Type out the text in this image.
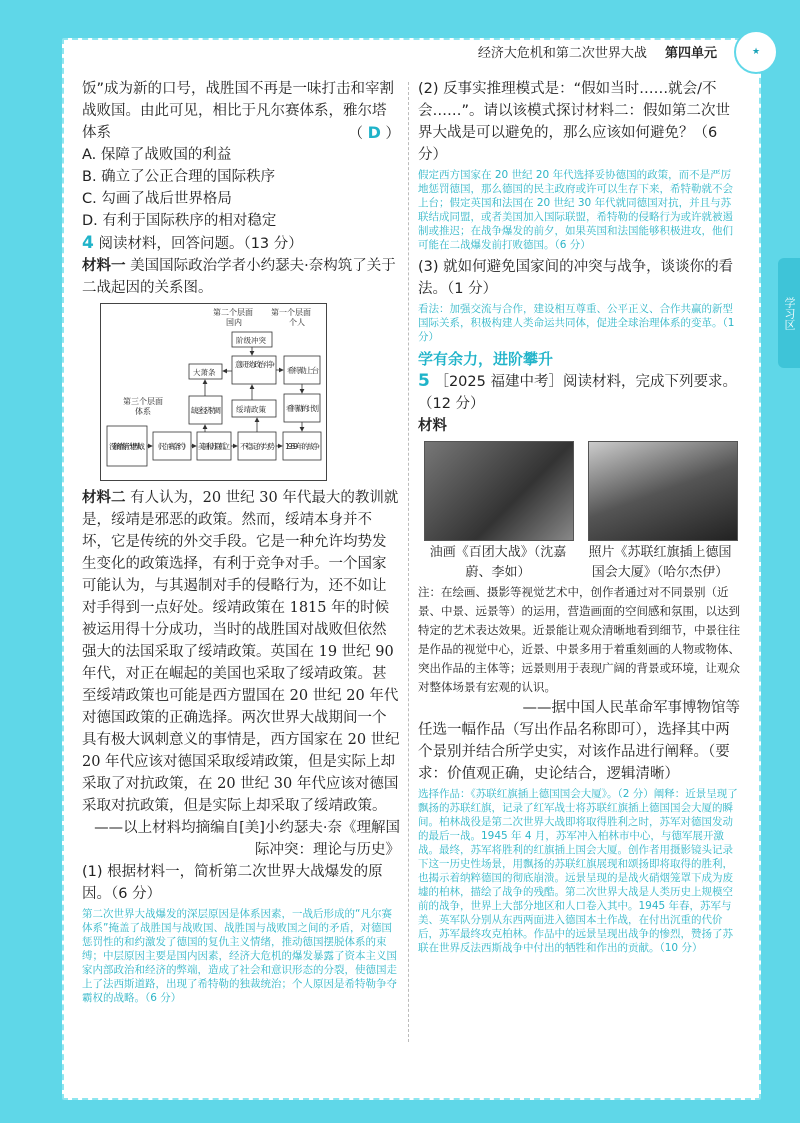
经济大危机和第二次世界大战 第四单元	★
学习区

饭”成为新的口号，战胜国不再是一味打击和宰割战败国。由此可见，相比于凡尔赛体系，雅尔塔体系	（ D ）

A. 保障了战败国的利益

B. 确立了公正合理的国际秩序

C. 勾画了战后世界格局

D. 有利于国际秩序的相对稳定

4 阅读材料，回答问题。（13 分）

材料一 美国国际政治学者小约瑟夫·奈构筑了关于二战起因的关系图。

第二个层面
国内
第一个层面
个人
第三个层面
体系
阶级冲突
大萧条
意识形态政治斗争
希特勒上台
缺乏经济协调 绥靖政策	希特勒的计划
没有终结的第一次世界大战 《凡尔赛条约》 美国和苏联孤立 不稳定的均势 1939年的战争

材料二 有人认为，20 世纪 30 年代最大的教训就是，绥靖是邪恶的政策。然而，绥靖本身并不坏，它是传统的外交手段。它是一种允许均势发生变化的政策选择，有利于竞争对手。一个国家可能认为，与其遏制对手的侵略行为，还不如让对手得到一点好处。绥靖政策在 1815 年的时候被运用得十分成功，当时的战胜国对战败但依然强大的法国采取了绥靖政策。英国在 19 世纪 90 年代，对正在崛起的美国也采取了绥靖政策。甚至绥靖政策也可能是西方盟国在 20 世纪 20 年代对德国政策的正确选择。两次世界大战期间一个具有极大讽刺意义的事情是，西方国家在 20 世纪 20 年代应该对德国采取绥靖政策，但是实际上却采取了对抗政策，在 20 世纪 30 年代应该对德国采取对抗政策，但是实际上却采取了绥靖政策。

——以上材料均摘编自[美]小约瑟夫·奈《理解国际冲突：理论与历史》

(1) 根据材料一，简析第二次世界大战爆发的原因。（6 分）

第二次世界大战爆发的深层原因是体系因素，一战后形成的“凡尔赛体系”掩盖了战胜国与战败国、战胜国与战败国之间的矛盾，对德国惩罚性的和约激发了德国的复仇主义情绪，推动德国摆脱体系的束缚；中层原因主要是国内因素，经济大危机的爆发暴露了资本主义国家内部政治和经济的弊端，造成了社会和意识形态的分裂，使德国走上了法西斯道路，出现了希特勒的独裁统治；个人原因是希特勒争夺霸权的战略。（6 分）

(2) 反事实推理模式是：“假如当时……就会/不会……”。请以该模式探讨材料二：假如第二次世界大战是可以避免的，那么应该如何避免？（6 分）

假定西方国家在 20 世纪 20 年代选择妥协德国的政策，而不是严厉地惩罚德国，那么德国的民主政府或许可以生存下来，希特勒就不会上台；假定英国和法国在 20 世纪 30 年代就同德国对抗，并且与苏联结成同盟，或者美国加入国际联盟，希特勒的侵略行为或许就被遏制或推迟；在战争爆发的前夕，如果英国和法国能够积极进攻，他们可能在二战爆发前打败德国。（6 分）

(3) 就如何避免国家间的冲突与战争，谈谈你的看法。（1 分）

看法：加强交流与合作，建设相互尊重、公平正义、合作共赢的新型国际关系，积极构建人类命运共同体，促进全球治理体系的变革。（1 分）

学有余力，进阶攀升

5 ［2025 福建中考］阅读材料，完成下列要求。（12 分）

材料

油画《百团大战》（沈嘉蔚、李如）
照片《苏联红旗插上德国国会大厦》（哈尔杰伊）

注：在绘画、摄影等视觉艺术中，创作者通过对不同景别（近景、中景、远景等）的运用，营造画面的空间感和氛围，以达到特定的艺术表达效果。近景能让观众清晰地看到细节，中景往往是作品的视觉中心，近景、中景多用于着重刻画的人物或物体、突出作品的主体等；远景则用于表现广阔的背景或环境，让观众对整体场景有宏观的认识。

——据中国人民革命军事博物馆等

任选一幅作品（写出作品名称即可），选择其中两个景别并结合所学史实，对该作品进行阐释。（要求：价值观正确，史论结合，逻辑清晰）

选择作品：《苏联红旗插上德国国会大厦》。（2 分）阐释：近景呈现了飘扬的苏联红旗，记录了红军战士将苏联红旗插上德国国会大厦的瞬间。柏林战役是第二次世界大战即将取得胜利之时，苏军对德国发动的最后一战。1945 年 4 月，苏军冲入柏林市中心，与德军展开激战。最终，苏军将胜利的红旗插上国会大厦。创作者用摄影镜头记录下这一历史性场景，用飘扬的苏联红旗展现和颂扬即将取得的胜利，也揭示着纳粹德国的彻底崩溃。远景呈现的是战火硝烟笼罩下成为废墟的柏林，描绘了战争的残酷。第二次世界大战是人类历史上规模空前的战争，世界上大部分地区和人口卷入其中。1945 年春，苏军与美、英军队分别从东西两面进入德国本土作战，在付出沉重的代价后，苏军最终攻克柏林。作品中的远景呈现出战争的惨烈，赞扬了苏联在世界反法西斯战争中付出的牺牲和作出的贡献。（10 分）

上课认真听 下课练巩固 49
